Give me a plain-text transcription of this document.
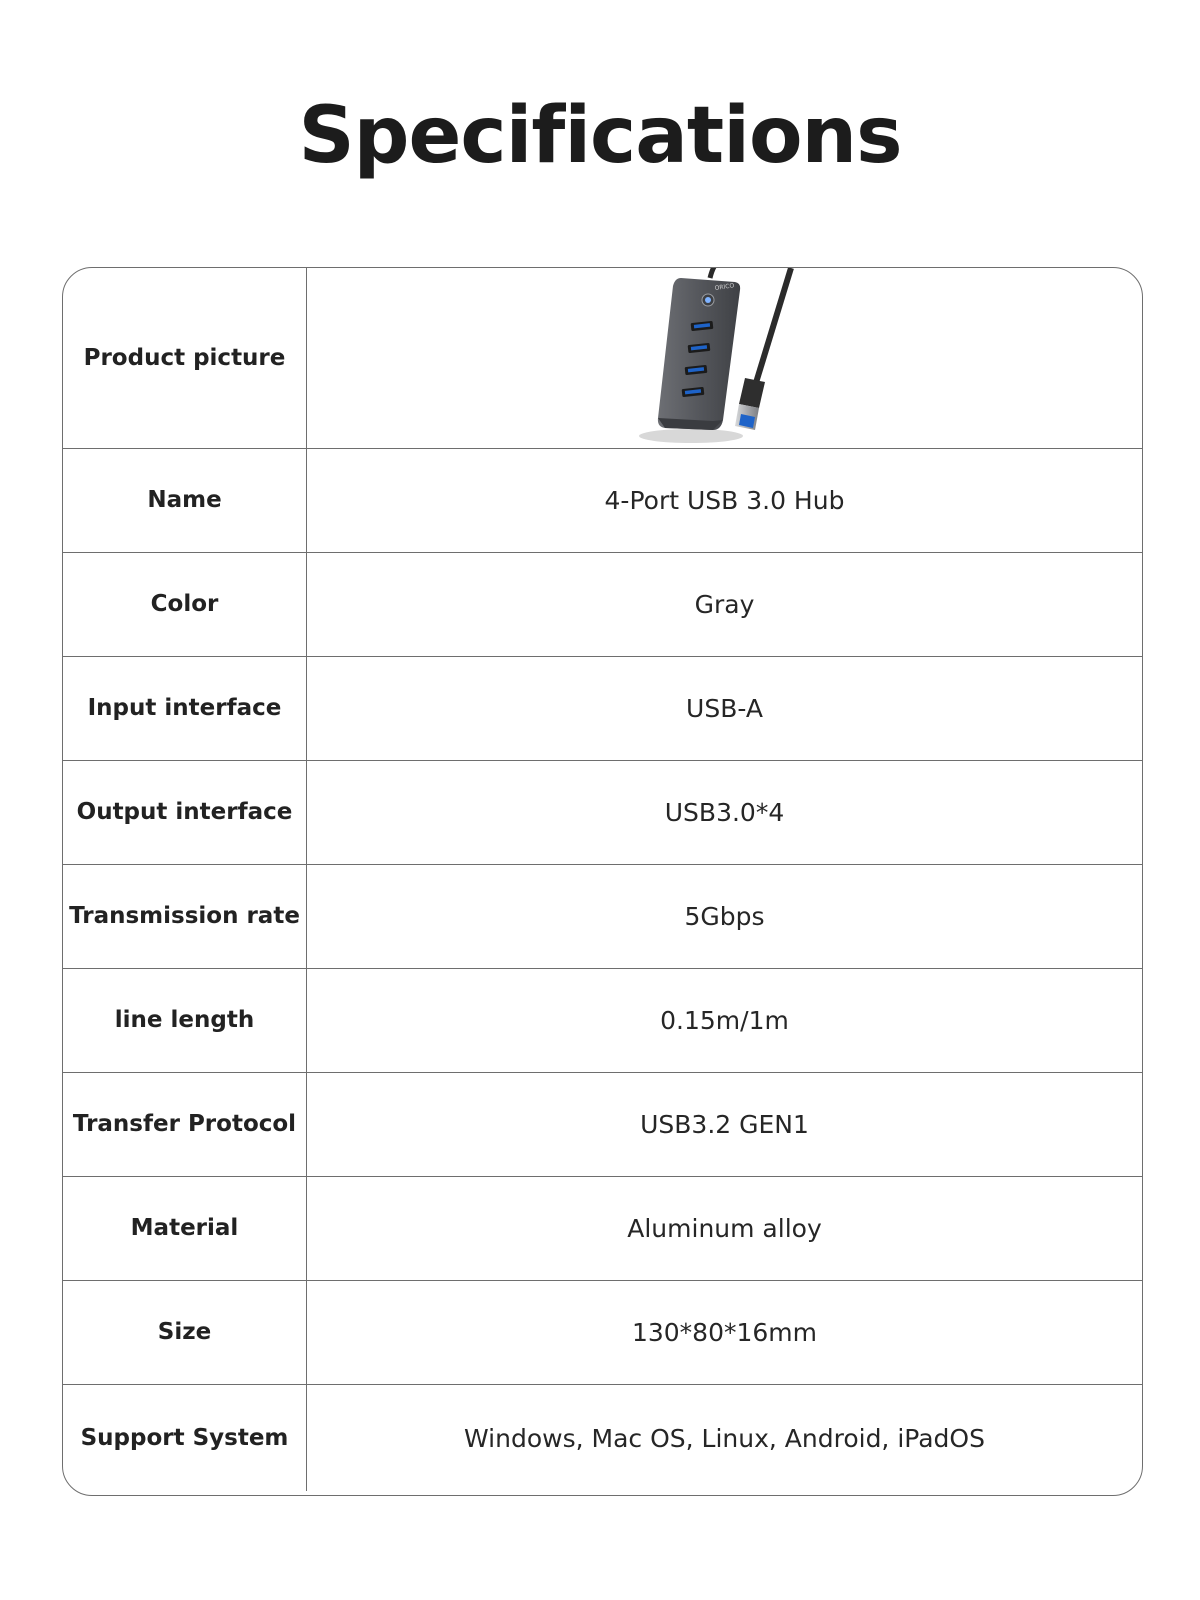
Specifications
Product picture
ORICO
Name	4-Port USB 3.0 Hub
Color	Gray
Input interface	USB-A
Output interface	USB3.0*4
Transmission rate	5Gbps
line length	0.15m/1m
Transfer Protocol	USB3.2 GEN1
Material	Aluminum alloy
Size	130*80*16mm
Support System	Windows, Mac OS, Linux, Android, iPadOS
